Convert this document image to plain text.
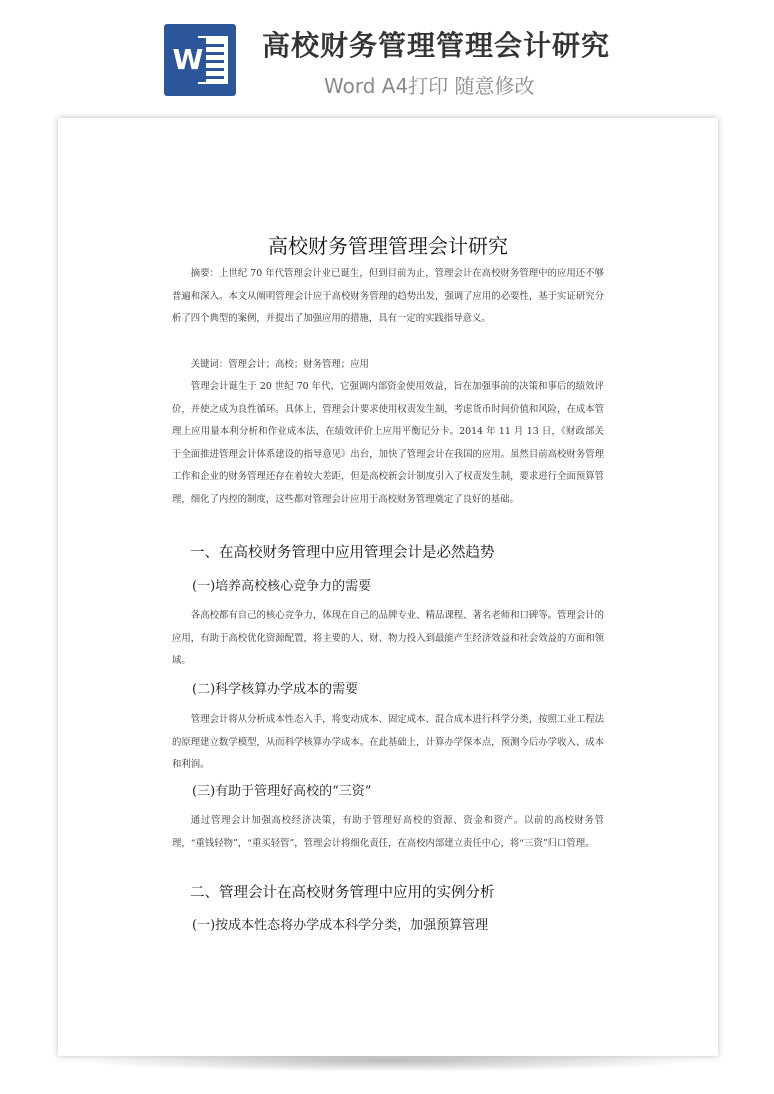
W 高校财务管理管理会计研究
Word A4打印 随意修改
高校财务管理管理会计研究
摘要：上世纪 70 年代管理会计业已诞生，但到目前为止，管理会计在高校财务管理中的应用还不够普遍和深入。本文从阐明管理会计应于高校财务管理的趋势出发，强调了应用的必要性，基于实证研究分析了四个典型的案例，并提出了加强应用的措施，具有一定的实践指导意义。
关键词：管理会计；高校；财务管理；应用
管理会计诞生于 20 世纪 70 年代，它强调内部资金使用效益，旨在加强事前的决策和事后的绩效评价，并使之成为良性循环。具体上，管理会计要求使用权责发生制，考虑货币时间价值和风险，在成本管理上应用量本利分析和作业成本法，在绩效评价上应用平衡记分卡。2014 年 11 月 13 日，《财政部关于全面推进管理会计体系建设的指导意见》出台，加快了管理会计在我国的应用。虽然目前高校财务管理工作和企业的财务管理还存在着较大差距，但是高校新会计制度引入了权责发生制，要求进行全面预算管理，细化了内控的制度，这些都对管理会计应用于高校财务管理奠定了良好的基础。
一、在高校财务管理中应用管理会计是必然趋势
(一)培养高校核心竞争力的需要
各高校都有自己的核心竞争力，体现在自己的品牌专业、精品课程、著名老师和口碑等。管理会计的应用，有助于高校优化资源配置，将主要的人、财、物力投入到最能产生经济效益和社会效益的方面和领域。
(二)科学核算办学成本的需要
管理会计将从分析成本性态入手，将变动成本、固定成本、混合成本进行科学分类，按照工业工程法的原理建立数学模型，从而科学核算办学成本。在此基础上，计算办学保本点，预测今后办学收入、成本和利润。
(三)有助于管理好高校的“三资”
通过管理会计加强高校经济决策，有助于管理好高校的资源、资金和资产。以前的高校财务管理，“重钱轻物”，“重买轻管”，管理会计将细化责任，在高校内部建立责任中心，将“三资”归口管理。
二、管理会计在高校财务管理中应用的实例分析
(一)按成本性态将办学成本科学分类，加强预算管理
